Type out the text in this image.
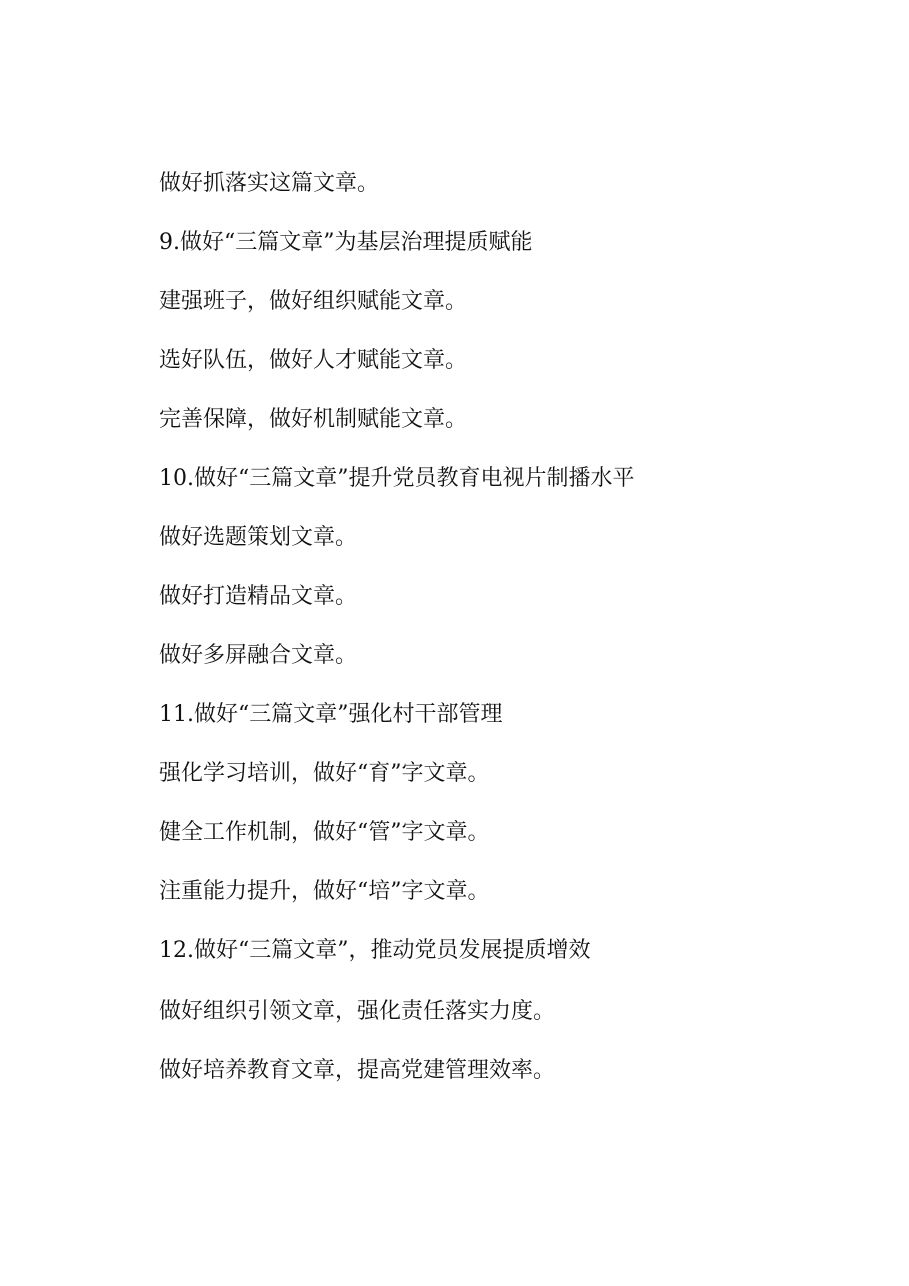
做好抓落实这篇文章。
9.做好“三篇文章”为基层治理提质赋能
建强班子，做好组织赋能文章。
选好队伍，做好人才赋能文章。
完善保障，做好机制赋能文章。
10.做好“三篇文章”提升党员教育电视片制播水平
做好选题策划文章。
做好打造精品文章。
做好多屏融合文章。
11.做好“三篇文章”强化村干部管理
强化学习培训，做好“育”字文章。
健全工作机制，做好“管”字文章。
注重能力提升，做好“培”字文章。
12.做好“三篇文章”，推动党员发展提质增效
做好组织引领文章，强化责任落实力度。
做好培养教育文章，提高党建管理效率。
